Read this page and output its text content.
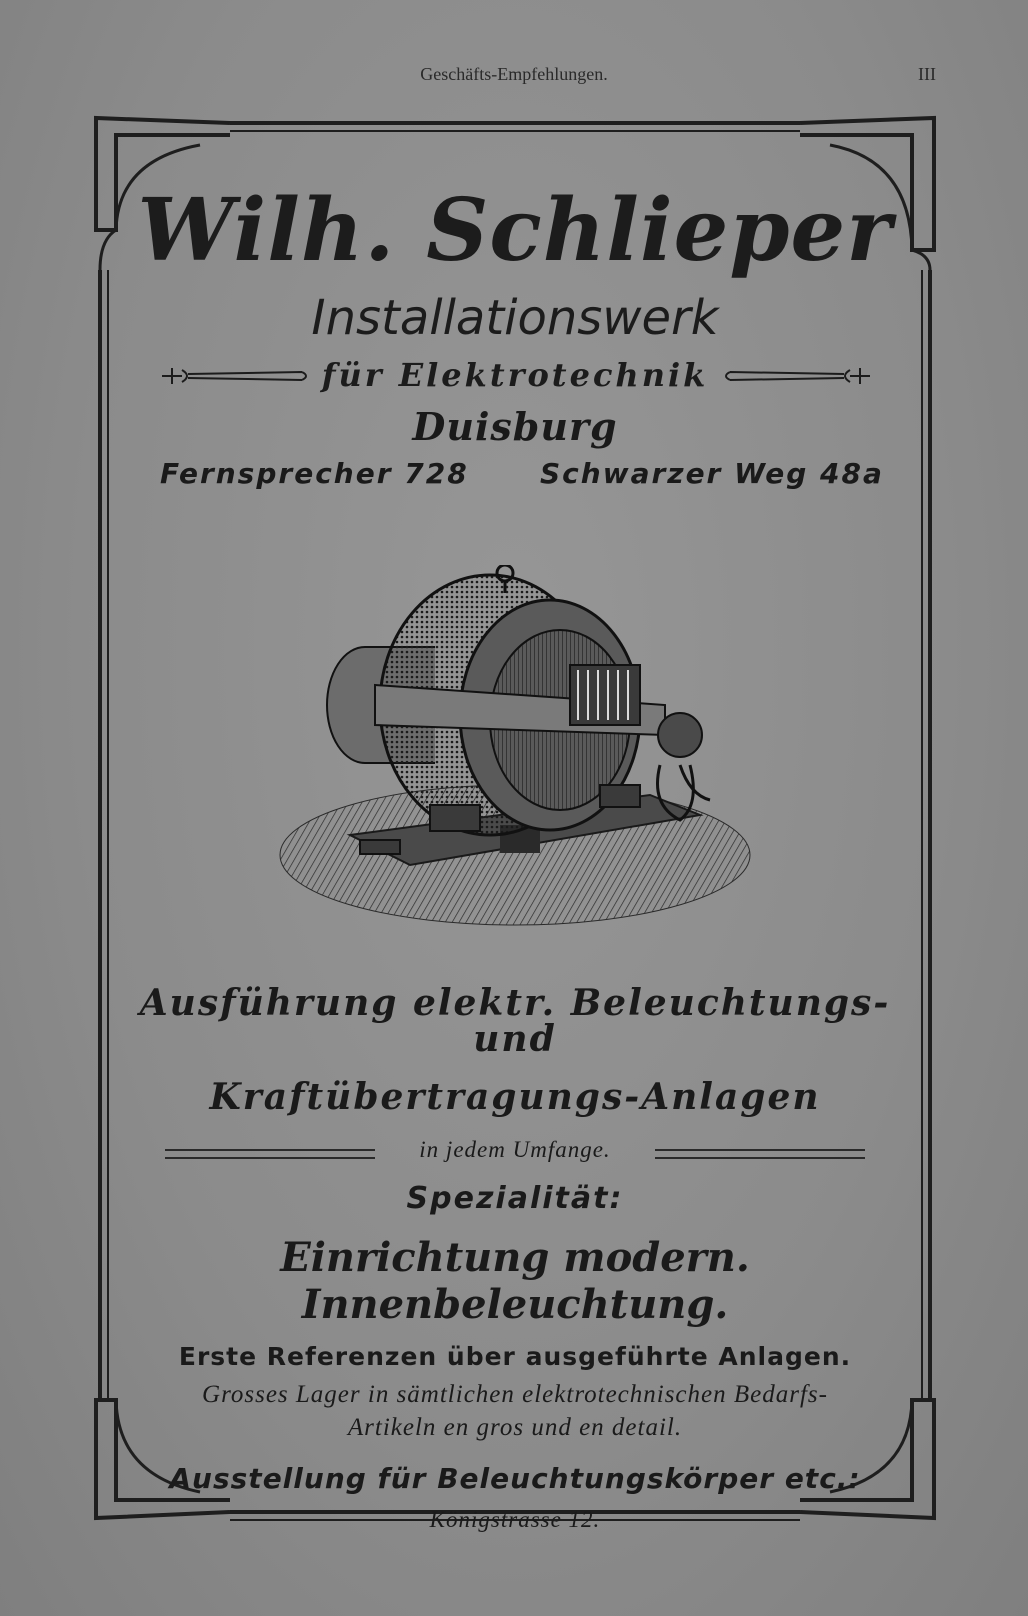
Geschäfts-Empfehlungen.	III
Wilh. Schlieper
Installationswerk
für Elektrotechnik
Duisburg
Fernsprecher 728	Schwarzer Weg 48a
Ausführung elektr. Beleuchtungs- und
Kraftübertragungs-Anlagen
in jedem Umfange.
Spezialität:
Einrichtung modern. Innenbeleuchtung.
Erste Referenzen über ausgeführte Anlagen.
Grosses Lager in sämtlichen elektrotechnischen Bedarfs-
Artikeln en gros und en detail.
Ausstellung für Beleuchtungskörper etc.:
Königstrasse 12.
